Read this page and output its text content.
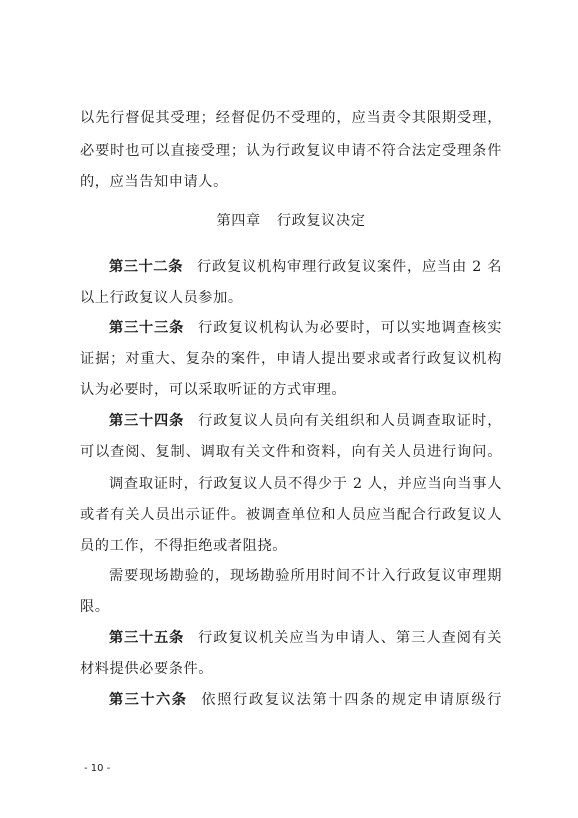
以先行督促其受理；经督促仍不受理的，应当责令其限期受理，
必要时也可以直接受理；认为行政复议申请不符合法定受理条件
的，应当告知申请人。
第四章 行政复议决定
第三十二条 行政复议机构审理行政复议案件，应当由 2 名
以上行政复议人员参加。
第三十三条 行政复议机构认为必要时，可以实地调查核实
证据；对重大、复杂的案件，申请人提出要求或者行政复议机构
认为必要时，可以采取听证的方式审理。
第三十四条 行政复议人员向有关组织和人员调查取证时，
可以查阅、复制、调取有关文件和资料，向有关人员进行询问。
调查取证时，行政复议人员不得少于 2 人，并应当向当事人
或者有关人员出示证件。被调查单位和人员应当配合行政复议人
员的工作，不得拒绝或者阻挠。
需要现场勘验的，现场勘验所用时间不计入行政复议审理期
限。
第三十五条 行政复议机关应当为申请人、第三人查阅有关
材料提供必要条件。
第三十六条 依照行政复议法第十四条的规定申请原级行
- 10 -
